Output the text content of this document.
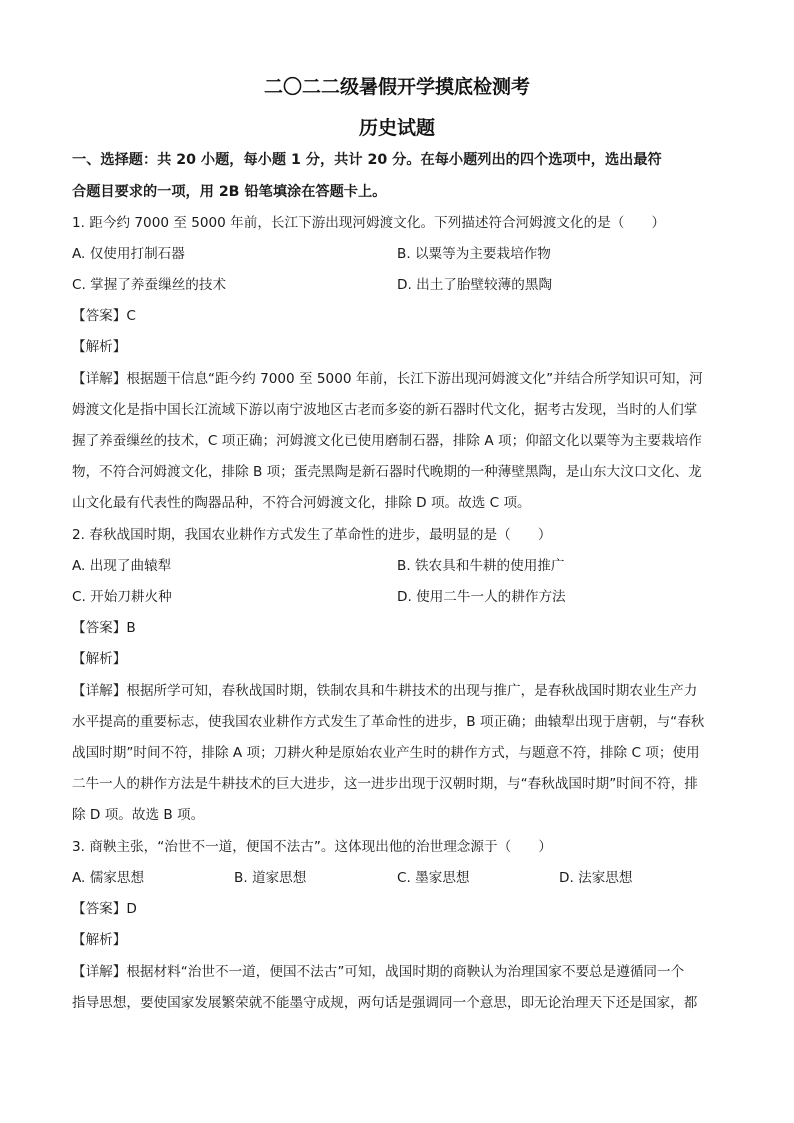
二〇二二级暑假开学摸底检测考
历史试题
一、选择题：共 20 小题，每小题 1 分，共计 20 分。在每小题列出的四个选项中，选出最符
合题目要求的一项，用 2B 铅笔填涂在答题卡上。
1. 距今约 7000 至 5000 年前，长江下游出现河姆渡文化。下列描述符合河姆渡文化的是（　　）
A. 仅使用打制石器	B. 以粟等为主要栽培作物
C. 掌握了养蚕缫丝的技术	D. 出土了胎壁较薄的黑陶
【答案】C
【解析】
【详解】根据题干信息“距今约 7000 至 5000 年前，长江下游出现河姆渡文化”并结合所学知识可知，河
姆渡文化是指中国长江流域下游以南宁波地区古老而多姿的新石器时代文化，据考古发现，当时的人们掌
握了养蚕缫丝的技术，C 项正确；河姆渡文化已使用磨制石器，排除 A 项；仰韶文化以粟等为主要栽培作
物，不符合河姆渡文化，排除 B 项；蛋壳黑陶是新石器时代晚期的一种薄壁黑陶，是山东大汶口文化、龙
山文化最有代表性的陶器品种，不符合河姆渡文化，排除 D 项。故选 C 项。
2. 春秋战国时期，我国农业耕作方式发生了革命性的进步，最明显的是（　　）
A. 出现了曲辕犁	B. 铁农具和牛耕的使用推广
C. 开始刀耕火种	D. 使用二牛一人的耕作方法
【答案】B
【解析】
【详解】根据所学可知，春秋战国时期，铁制农具和牛耕技术的出现与推广，是春秋战国时期农业生产力
水平提高的重要标志，使我国农业耕作方式发生了革命性的进步，B 项正确；曲辕犁出现于唐朝，与“春秋
战国时期”时间不符，排除 A 项；刀耕火种是原始农业产生时的耕作方式，与题意不符，排除 C 项；使用
二牛一人的耕作方法是牛耕技术的巨大进步，这一进步出现于汉朝时期，与“春秋战国时期”时间不符，排
除 D 项。故选 B 项。
3. 商鞅主张，“治世不一道，便国不法古”。这体现出他的治世理念源于（　　）
A. 儒家思想	B. 道家思想	C. 墨家思想	D. 法家思想
【答案】D
【解析】
【详解】根据材料“治世不一道，便国不法古”可知，战国时期的商鞅认为治理国家不要总是遵循同一个
指导思想，要使国家发展繁荣就不能墨守成规，两句话是强调同一个意思，即无论治理天下还是国家，都
